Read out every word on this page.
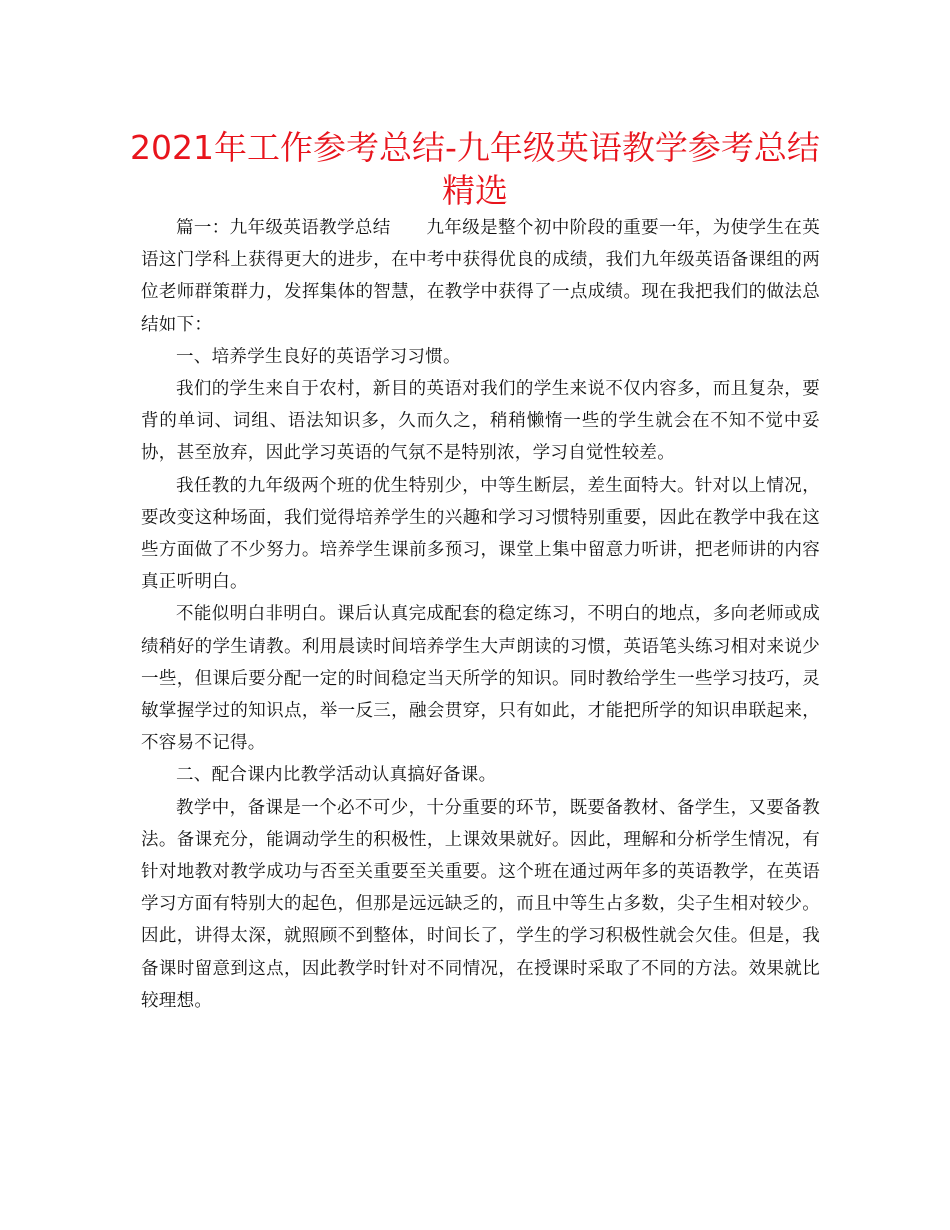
2021年工作参考总结-九年级英语教学参考总结
精选

篇一：九年级英语教学总结　　九年级是整个初中阶段的重要一年，为使学生在英语这门学科上获得更大的进步，在中考中获得优良的成绩，我们九年级英语备课组的两位老师群策群力，发挥集体的智慧，在教学中获得了一点成绩。现在我把我们的做法总结如下：

一、培养学生良好的英语学习习惯。

我们的学生来自于农村，新目的英语对我们的学生来说不仅内容多，而且复杂，要背的单词、词组、语法知识多，久而久之，稍稍懒惰一些的学生就会在不知不觉中妥协，甚至放弃，因此学习英语的气氛不是特别浓，学习自觉性较差。

我任教的九年级两个班的优生特别少，中等生断层，差生面特大。针对以上情况，要改变这种场面，我们觉得培养学生的兴趣和学习习惯特别重要，因此在教学中我在这些方面做了不少努力。培养学生课前多预习，课堂上集中留意力听讲，把老师讲的内容真正听明白。

不能似明白非明白。课后认真完成配套的稳定练习，不明白的地点，多向老师或成绩稍好的学生请教。利用晨读时间培养学生大声朗读的习惯，英语笔头练习相对来说少一些，但课后要分配一定的时间稳定当天所学的知识。同时教给学生一些学习技巧，灵敏掌握学过的知识点，举一反三，融会贯穿，只有如此，才能把所学的知识串联起来，不容易不记得。

二、配合课内比教学活动认真搞好备课。

教学中，备课是一个必不可少，十分重要的环节，既要备教材、备学生，又要备教法。备课充分，能调动学生的积极性，上课效果就好。因此，理解和分析学生情况，有针对地教对教学成功与否至关重要至关重要。这个班在通过两年多的英语教学，在英语学习方面有特别大的起色，但那是远远缺乏的，而且中等生占多数，尖子生相对较少。因此，讲得太深，就照顾不到整体，时间长了，学生的学习积极性就会欠佳。但是，我备课时留意到这点，因此教学时针对不同情况，在授课时采取了不同的方法。效果就比较理想。
